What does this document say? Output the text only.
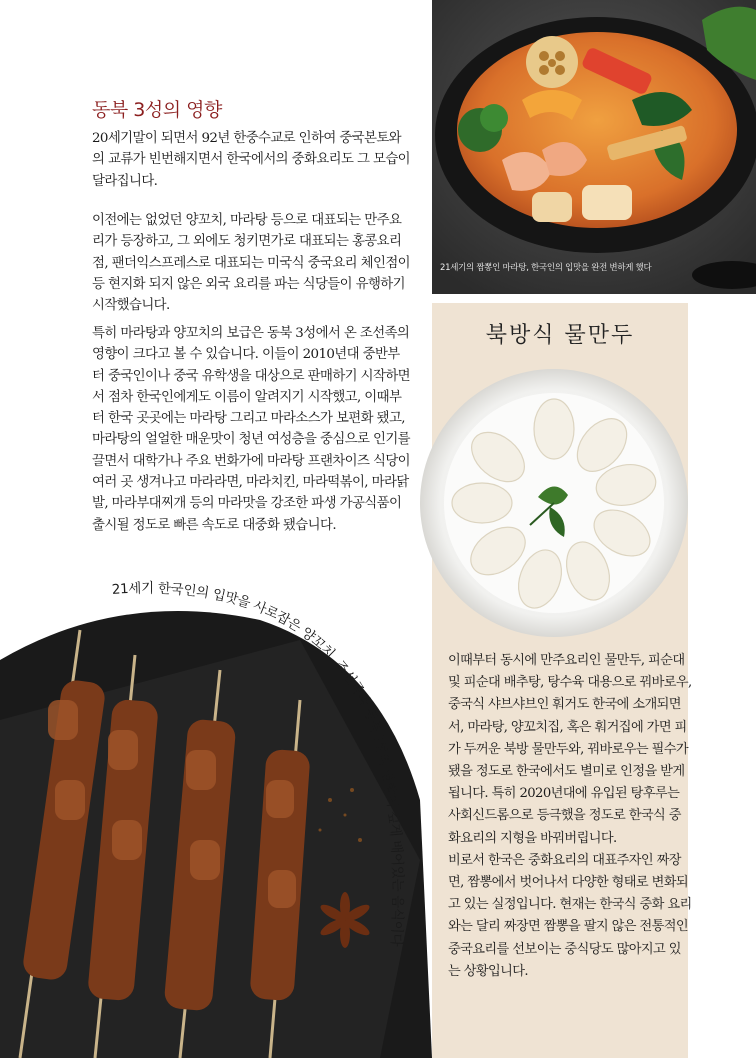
동북 3성의 영향
20세기말이 되면서 92년 한중수교로 인하여 중국본토와의 교류가 빈번해지면서 한국에서의 중화요리도 그 모습이 달라집니다.
이전에는 없었던 양꼬치, 마라탕 등으로 대표되는 만주요리가 등장하고, 그 외에도 청키면가로 대표되는 홍콩요리점, 팬더익스프레스로 대표되는 미국식 중국요리 체인점이 등 현지화 되지 않은 외국 요리를 파는 식당들이 유행하기 시작했습니다.
특히 마라탕과 양꼬치의 보급은 동북 3성에서 온 조선족의 영향이 크다고 볼 수 있습니다. 이들이 2010년대 중반부터 중국인이나 중국 유학생을 대상으로 판매하기 시작하면서 점차 한국인에게도 이름이 알려지기 시작했고, 이때부터 한국 곳곳에는 마라탕 그리고 마라소스가 보편화 됐고, 마라탕의 얼얼한 매운맛이 청년 여성층을 중심으로 인기를 끌면서 대학가나 주요 번화가에 마라탕 프랜차이즈 식당이 여러 곳 생겨나고 마라라면, 마라치킨, 마라떡볶이, 마라닭발, 마라부대찌개 등의 마라맛을 강조한 파생 가공식품이 출시될 정도로 빠른 속도로 대중화 됐습니다.
21세기의 짬뽕인 마라탕, 한국인의 입맛을 완전 변하게 했다
북방식 물만두
이때부터 동시에 만주요리인 물만두, 피순대 및 피순대 배추탕, 탕수육 대용으로 꿔바로우, 중국식 샤브샤브인 훠거도 한국에 소개되면서, 마라탕, 양꼬치집, 혹은 훠거집에 가면 피가 두꺼운 북방 물만두와, 꿔바로우는 필수가 됐을 정도로 한국에서도 별미로 인정을 받게 됩니다. 특히 2020년대에 유입된 탕후루는 사회신드롬으로 등극했을 정도로 한국식 중화요리의 지형을 바꿔버립니다.
비로서 한국은 중화요리의 대표주자인 짜장면, 짬뽕에서 벗어나서 다양한 형태로 변화되고 있는 실정입니다. 현재는 한국식 중화 요리와는 달리 짜장면 짬뽕을 팔지 않은 전통적인 중국요리를 선보이는 중식당도 많아지고 있는 상황입니다.
21세기 한국인의 입맛을 사로잡은 양꼬치, 조선족과 동북3성의 영향이 깊게 배어있는 음식이다
